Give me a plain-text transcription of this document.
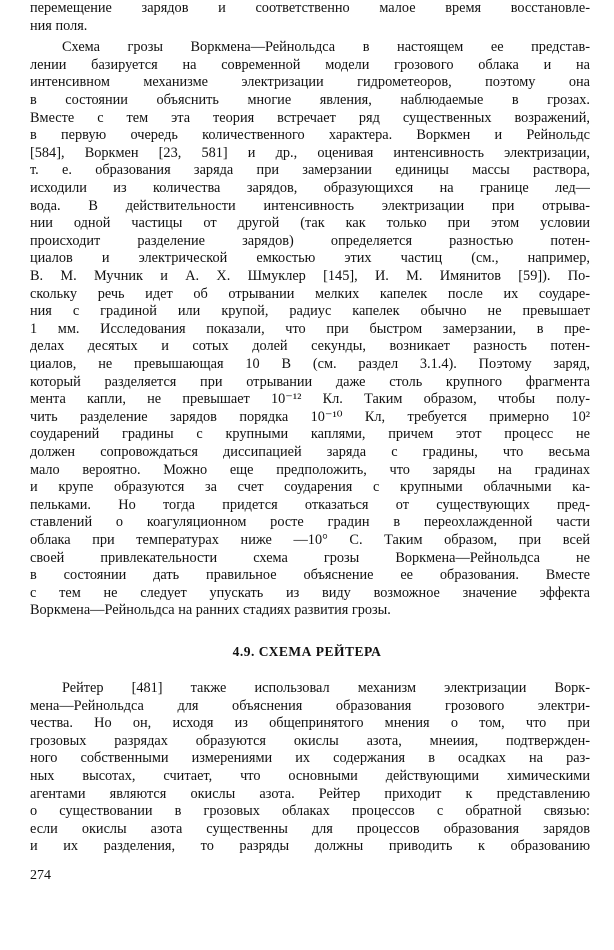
перемещение зарядов и соответственно малое время восстановле-
ния поля.
Схема грозы Воркмена—Рейнольдса в настоящем ее представ-
лении базируется на современной модели грозового облака и на
интенсивном механизме электризации гидрометеоров, поэтому она
в состоянии объяснить многие явления, наблюдаемые в грозах.
Вместе с тем эта теория встречает ряд существенных возражений,
в первую очередь количественного характера. Воркмен и Рейнольдс
[584], Воркмен [23, 581] и др., оценивая интенсивность электризации,
т. е. образования заряда при замерзании единицы массы раствора,
исходили из количества зарядов, образующихся на границе лед—
вода. В действительности интенсивность электризации при отрыва-
нии одной частицы от другой (так как только при этом условии
происходит разделение зарядов) определяется разностью потен-
циалов и электрической емкостью этих частиц (см., например,
В. М. Мучник и А. Х. Шмуклер [145], И. М. Имянитов [59]). По-
скольку речь идет об отрывании мелких капелек после их соударе-
ния с градиной или крупой, радиус капелек обычно не превышает
1 мм. Исследования показали, что при быстром замерзании, в пре-
делах десятых и сотых долей секунды, возникает разность потен-
циалов, не превышающая 10 В (см. раздел 3.1.4). Поэтому заряд,
который разделяется при отрывании даже столь крупного фрагмента
мента капли, не превышает 10⁻¹² Кл. Таким образом, чтобы полу-
чить разделение зарядов порядка 10⁻¹⁰ Кл, требуется примерно 10²
соударений градины с крупными каплями, причем этот процесс не
должен сопровождаться диссипацией заряда с градины, что весьма
мало вероятно. Можно еще предположить, что заряды на градинах
и крупе образуются за счет соударения с крупными облачными ка-
пельками. Но тогда придется отказаться от существующих пред-
ставлений о коагуляционном росте градин в переохлажденной части
облака при температурах ниже —10° С. Таким образом, при всей
своей привлекательности схема грозы Воркмена—Рейнольдса не
в состоянии дать правильное объяснение ее образования. Вместе
с тем не следует упускать из виду возможное значение эффекта
Воркмена—Рейнольдса на ранних стадиях развития грозы.
4.9. СХЕМА РЕЙТЕРА
Рейтер [481] также использовал механизм электризации Ворк-
мена—Рейнольдса для объяснения образования грозового электри-
чества. Но он, исходя из общепринятого мнения о том, что при
грозовых разрядах образуются окислы азота, мнеиия, подтвержден-
ного собственными измерениями их содержания в осадках на раз-
ных высотах, считает, что основными действующими химическими
агентами являются окислы азота. Рейтер приходит к представлению
о существовании в грозовых облаках процессов с обратной связью:
если окислы азота существенны для процессов образования зарядов
и их разделения, то разряды должны приводить к образованию
274
